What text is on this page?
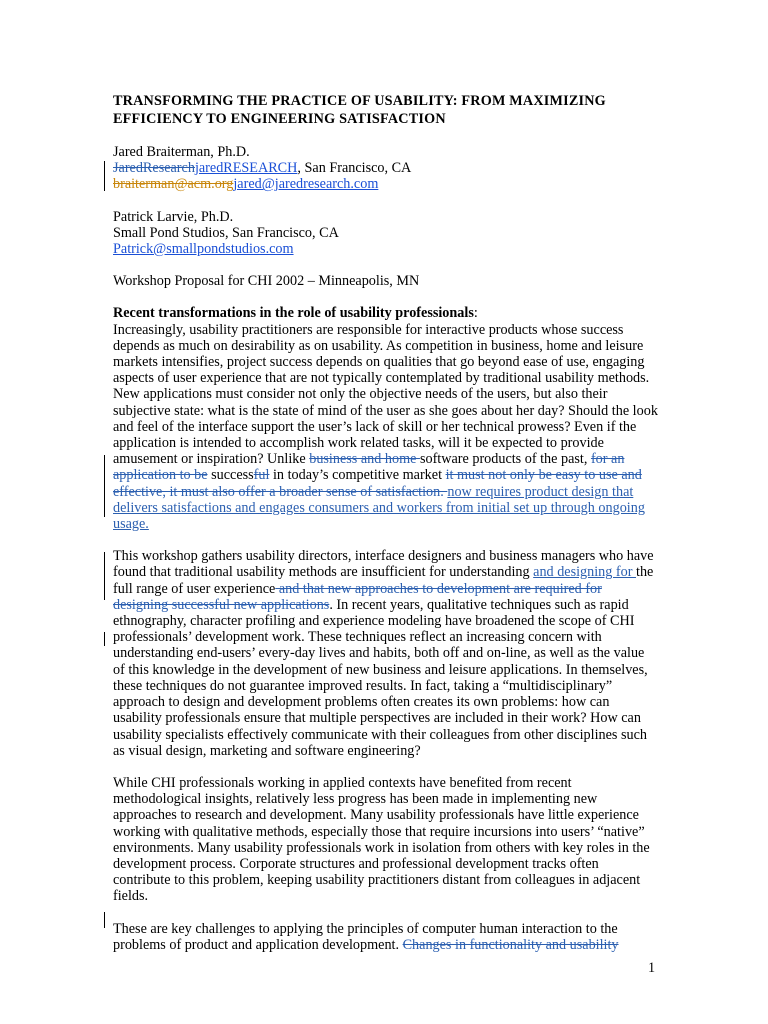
TRANSFORMING THE PRACTICE OF USABILITY: FROM MAXIMIZING EFFICIENCY TO ENGINEERING SATISFACTION

Jared Braiterman, Ph.D.

JaredResearchjaredRESEARCH, San Francisco, CA

braiterman@acm.orgjared@jaredresearch.com

Patrick Larvie, Ph.D.

Small Pond Studios, San Francisco, CA

Patrick@smallpondstudios.com

Workshop Proposal for CHI 2002 – Minneapolis, MN

Recent transformations in the role of usability professionals:

Increasingly, usability practitioners are responsible for interactive products whose success depends as much on desirability as on usability. As competition in business, home and leisure markets intensifies, project success depends on qualities that go beyond ease of use, engaging aspects of user experience that are not typically contemplated by traditional usability methods. New applications must consider not only the objective needs of the users, but also their subjective state: what is the state of mind of the user as she goes about her day? Should the look and feel of the interface support the user’s lack of skill or her technical prowess? Even if the application is intended to accomplish work related tasks, will it be expected to provide amusement or inspiration? Unlike business and home software products of the past, for an application to be successful in today’s competitive market it must not only be easy to use and effective, it must also offer a broader sense of satisfaction. now requires product design that delivers satisfactions and engages consumers and workers from initial set up through ongoing usage.

This workshop gathers usability directors, interface designers and business managers who have found that traditional usability methods are insufficient for understanding and designing for the full range of user experience and that new approaches to development are required for designing successful new applications. In recent years, qualitative techniques such as rapid ethnography, character profiling and experience modeling have broadened the scope of CHI professionals’ development work. These techniques reflect an increasing concern with understanding end-users’ every-day lives and habits, both off and on-line, as well as the value of this knowledge in the development of new business and leisure applications. In themselves, these techniques do not guarantee improved results. In fact, taking a “multidisciplinary” approach to design and development problems often creates its own problems: how can usability professionals ensure that multiple perspectives are included in their work? How can usability specialists effectively communicate with their colleagues from other disciplines such as visual design, marketing and software engineering?

While CHI professionals working in applied contexts have benefited from recent methodological insights, relatively less progress has been made in implementing new approaches to research and development. Many usability professionals have little experience working with qualitative methods, especially those that require incursions into users’ “native” environments. Many usability professionals work in isolation from others with key roles in the development process. Corporate structures and professional development tracks often contribute to this problem, keeping usability practitioners distant from colleagues in adjacent fields.

These are key challenges to applying the principles of computer human interaction to the problems of product and application development. Changes in functionality and usability

1
